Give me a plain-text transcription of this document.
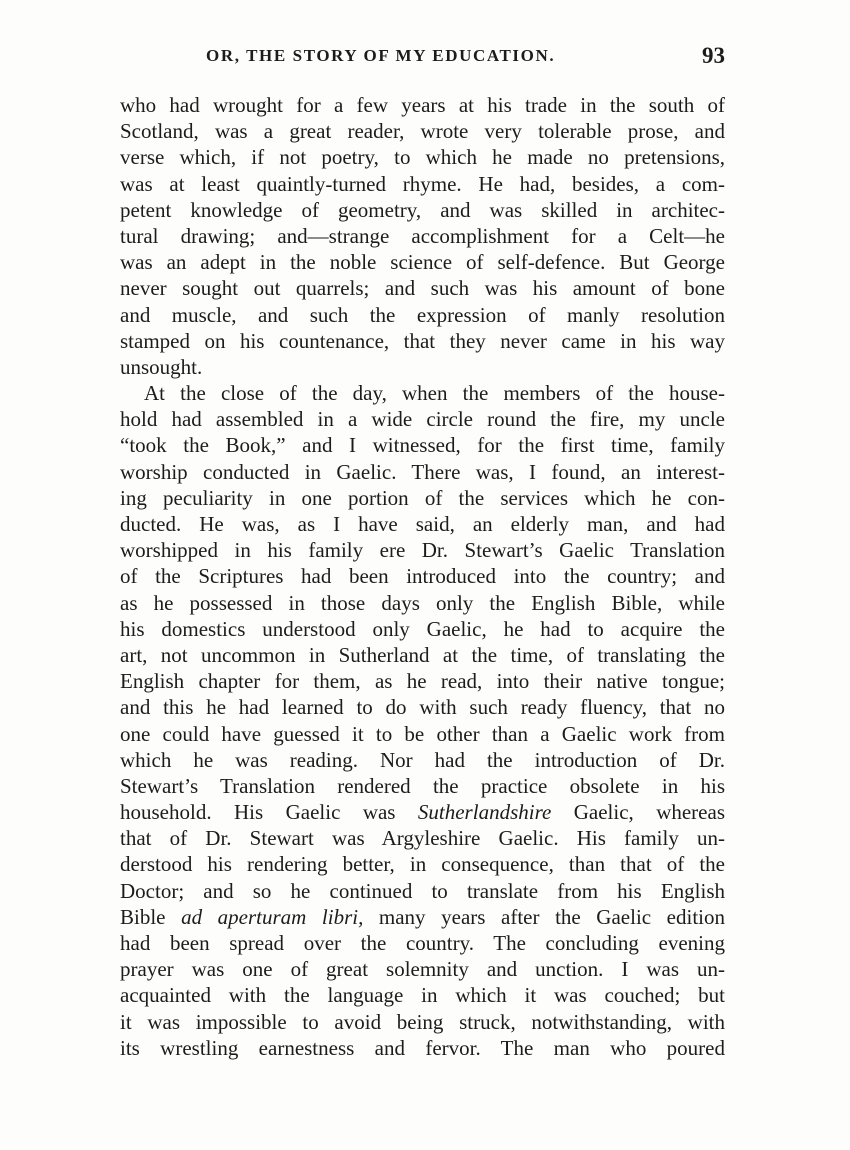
OR, THE STORY OF MY EDUCATION.	93
who had wrought for a few years at his trade in the south of
Scotland, was a great reader, wrote very tolerable prose, and
verse which, if not poetry, to which he made no pretensions,
was at least quaintly-turned rhyme. He had, besides, a com-
petent knowledge of geometry, and was skilled in architec-
tural drawing; and—strange accomplishment for a Celt—he
was an adept in the noble science of self-defence. But George
never sought out quarrels; and such was his amount of bone
and muscle, and such the expression of manly resolution
stamped on his countenance, that they never came in his way
unsought.
At the close of the day, when the members of the house-
hold had assembled in a wide circle round the fire, my uncle
“took the Book,” and I witnessed, for the first time, family
worship conducted in Gaelic. There was, I found, an interest-
ing peculiarity in one portion of the services which he con-
ducted. He was, as I have said, an elderly man, and had
worshipped in his family ere Dr. Stewart’s Gaelic Translation
of the Scriptures had been introduced into the country; and
as he possessed in those days only the English Bible, while
his domestics understood only Gaelic, he had to acquire the
art, not uncommon in Sutherland at the time, of translating the
English chapter for them, as he read, into their native tongue;
and this he had learned to do with such ready fluency, that no
one could have guessed it to be other than a Gaelic work from
which he was reading. Nor had the introduction of Dr.
Stewart’s Translation rendered the practice obsolete in his
household. His Gaelic was Sutherlandshire Gaelic, whereas
that of Dr. Stewart was Argyleshire Gaelic. His family un-
derstood his rendering better, in consequence, than that of the
Doctor; and so he continued to translate from his English
Bible ad aperturam libri, many years after the Gaelic edition
had been spread over the country. The concluding evening
prayer was one of great solemnity and unction. I was un-
acquainted with the language in which it was couched; but
it was impossible to avoid being struck, notwithstanding, with
its wrestling earnestness and fervor. The man who poured
